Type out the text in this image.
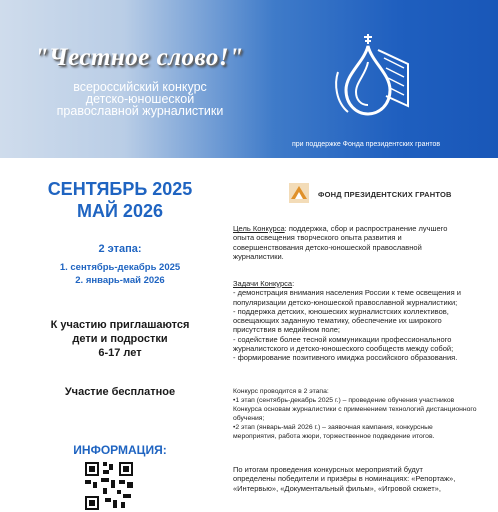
"Честное слово!"
всероссийский конкурс
детско-юношеской
православной журналистики
при поддержке Фонда президентских грантов
СЕНТЯБРЬ 2025
МАЙ 2026
2 этапа:
1. сентябрь-декабрь 2025
2. январь-май 2026
К участию приглашаются
дети и подростки
6-17 лет
Участие бесплатное
ИНФОРМАЦИЯ:
ФОНД ПРЕЗИДЕНТСКИХ ГРАНТОВ

Цель Конкурса: поддержка, сбор и распространение лучшего

опыта освещения творческого опыта развития и

совершенствования детско-юношеской православной

журналистики.

Задачи Конкурса:

- демонстрация внимания населения России к теме освещения и

популяризации детско-юношеской православной журналистики;

- поддержка детских, юношеских журналистских коллективов,

освещающих заданную тематику, обеспечение их широкого

присутствия в медийном поле;

- содействие более тесной коммуникации профессионального

журналистского и детско-юношеского сообществ между собой;

- формирование позитивного имиджа российского образования.

Конкурс проводится в 2 этапа:

•1 этап (сентябрь-декабрь 2025 г.) – проведение обучения участников

Конкурса основам журналистики с применением технологий дистанционного

обучения;

•2 этап (январь-май 2026 г.) – заявочная кампания, конкурсные

мероприятия, работа жюри, торжественное подведение итогов.

По итогам проведения конкурсных мероприятий будут

определены победители и призёры в номинациях: «Репортаж»,

«Интервью», «Документальный фильм», «Игровой сюжет»,
